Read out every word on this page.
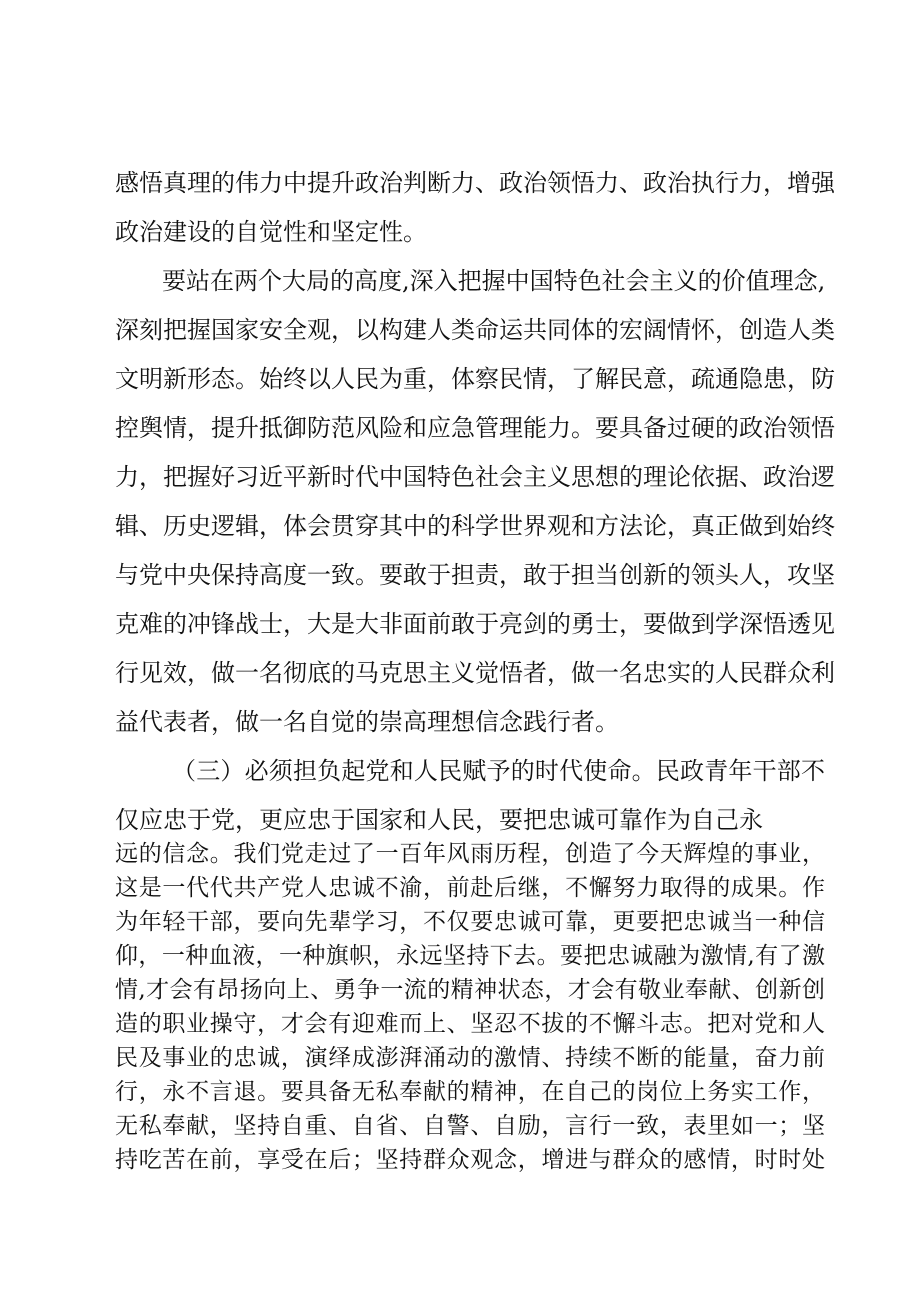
感悟真理的伟力中提升政治判断力、政治领悟力、政治执行力，增强
政治建设的自觉性和坚定性。
要站在两个大局的高度,深入把握中国特色社会主义的价值理念,
深刻把握国家安全观，以构建人类命运共同体的宏阔情怀，创造人类
文明新形态。始终以人民为重，体察民情，了解民意，疏通隐患，防
控舆情，提升抵御防范风险和应急管理能力。要具备过硬的政治领悟
力，把握好习近平新时代中国特色社会主义思想的理论依据、政治逻
辑、历史逻辑，体会贯穿其中的科学世界观和方法论，真正做到始终
与党中央保持高度一致。要敢于担责，敢于担当创新的领头人，攻坚
克难的冲锋战士，大是大非面前敢于亮剑的勇士，要做到学深悟透见
行见效，做一名彻底的马克思主义觉悟者，做一名忠实的人民群众利
益代表者，做一名自觉的崇高理想信念践行者。
（三）必须担负起党和人民赋予的时代使命。民政青年干部不
仅应忠于党，更应忠于国家和人民，要把忠诚可靠作为自己永
远的信念。我们党走过了一百年风雨历程，创造了今天辉煌的事业，
这是一代代共产党人忠诚不渝，前赴后继，不懈努力取得的成果。作
为年轻干部，要向先辈学习，不仅要忠诚可靠，更要把忠诚当一种信
仰，一种血液，一种旗帜，永远坚持下去。要把忠诚融为激情,有了激
情,才会有昂扬向上、勇争一流的精神状态，才会有敬业奉献、创新创
造的职业操守，才会有迎难而上、坚忍不拔的不懈斗志。把对党和人
民及事业的忠诚，演绎成澎湃涌动的激情、持续不断的能量，奋力前
行，永不言退。要具备无私奉献的精神，在自己的岗位上务实工作，
无私奉献，坚持自重、自省、自警、自励，言行一致，表里如一；坚
持吃苦在前，享受在后；坚持群众观念，增进与群众的感情，时时处
